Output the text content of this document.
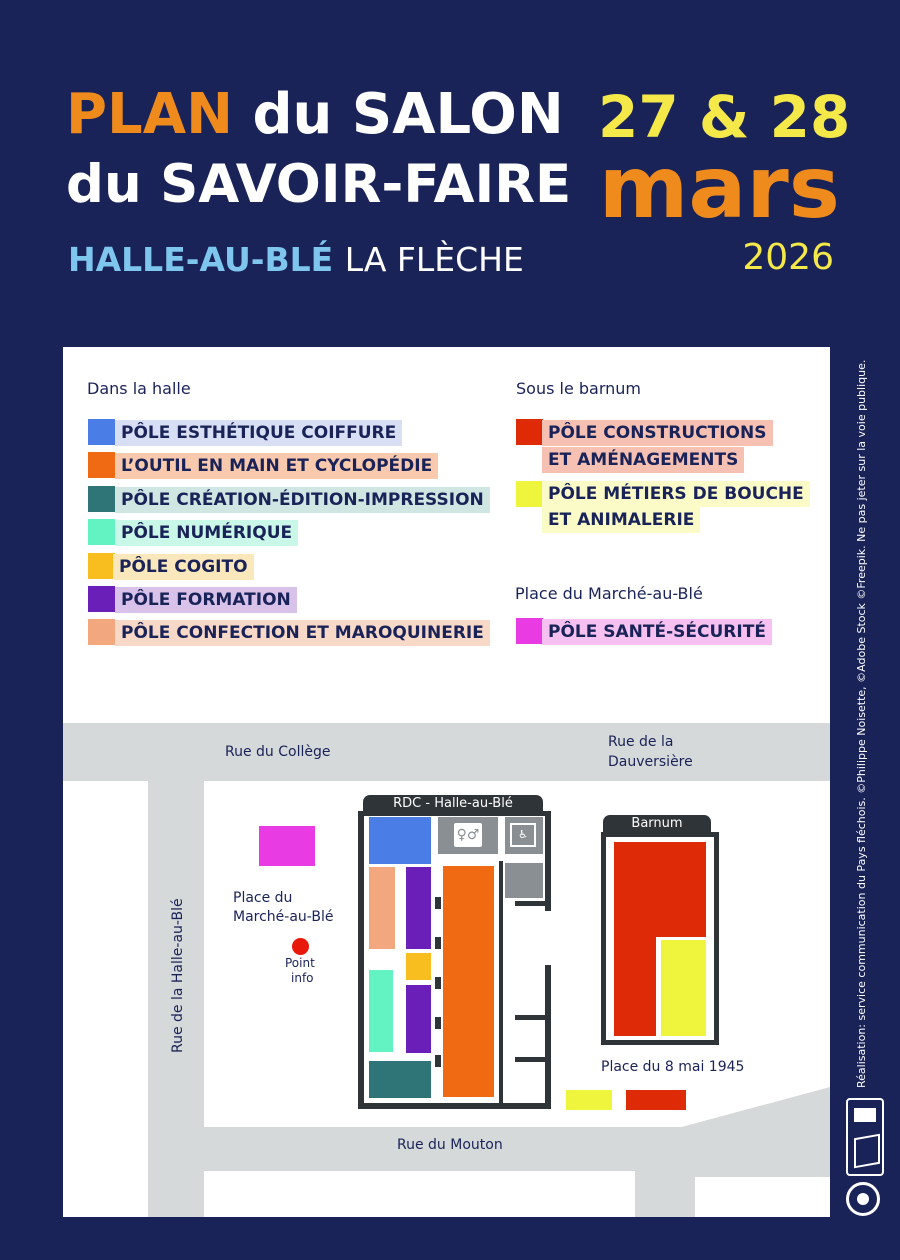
PLAN du SALON
du SAVOIR-FAIRE
HALLE-AU-BLÉ LA FLÈCHE
27 & 28
mars
2026
Réalisation: service communication du Pays fléchois. ©Philippe Noisette, ©Adobe Stock ©Freepik. Ne pas jeter sur la voie publique.
Dans la halle
PÔLE ESTHÉTIQUE COIFFURE
L’OUTIL EN MAIN ET CYCLOPÉDIE
PÔLE CRÉATION-ÉDITION-IMPRESSION
PÔLE NUMÉRIQUE
PÔLE COGITO
PÔLE FORMATION
PÔLE CONFECTION ET MAROQUINERIE
Sous le barnum
PÔLE CONSTRUCTIONS
ET AMÉNAGEMENTS
PÔLE MÉTIERS DE BOUCHE
ET ANIMALERIE
Place du Marché-au-Blé
PÔLE SANTÉ-SÉCURITÉ
Rue du Collège
Rue de la
Dauversière
Rue de la Halle-au-Blé
Rue du Mouton
Place du
Marché-au-Blé
Point
info
RDC - Halle-au-Blé
♀♂	♿
Barnum
Place du 8 mai 1945
